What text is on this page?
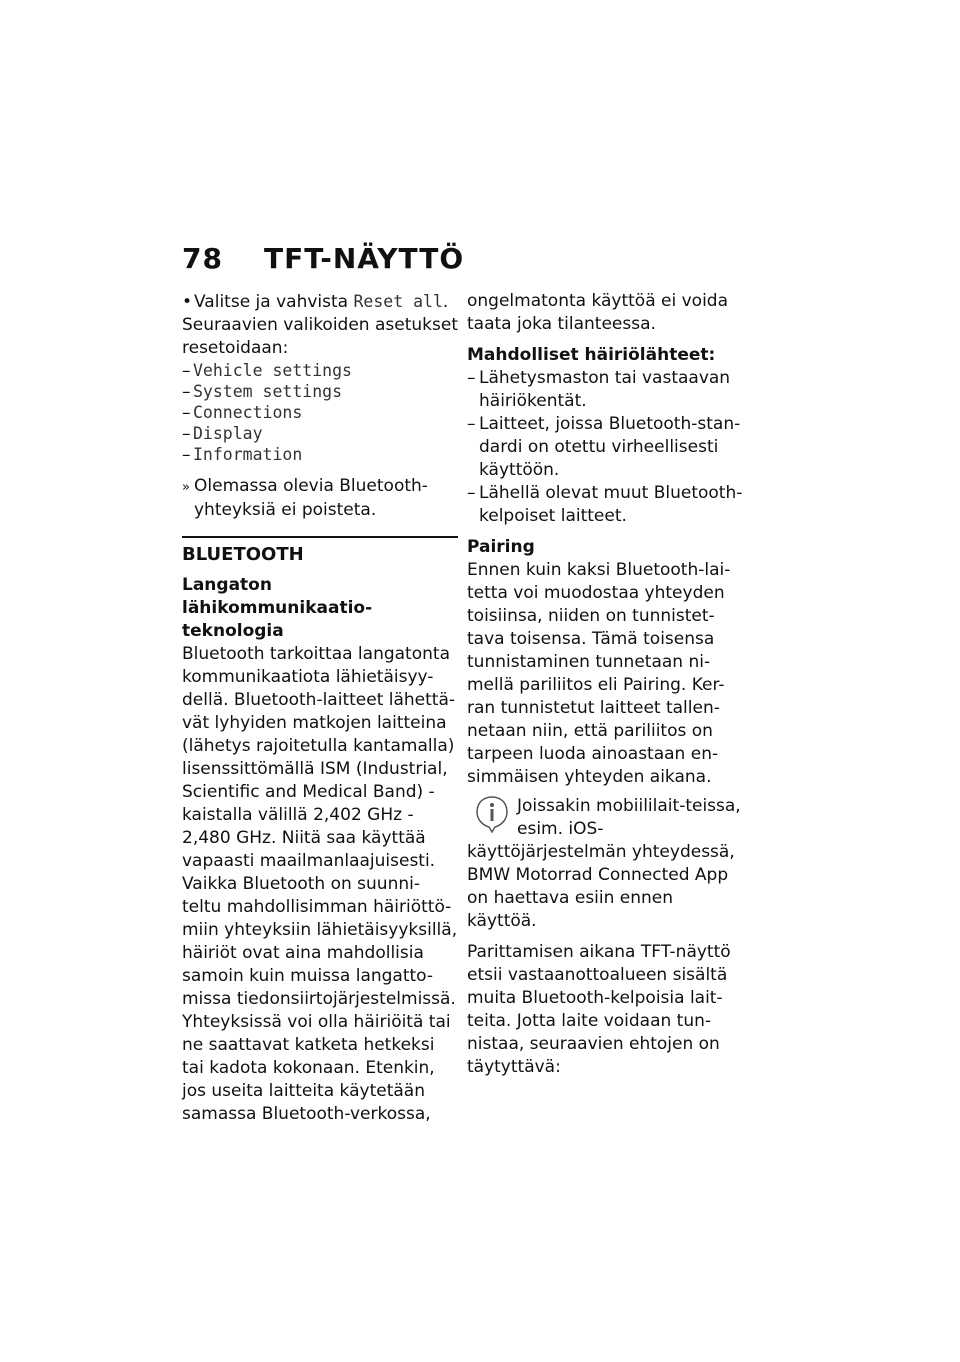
78 TFT-NÄYTTÖ

• Valitse ja vahvista Reset all.

Seuraavien valikoiden asetukset resetoidaan:

– Vehicle settings
– System settings
– Connections
– Display
– Information

» Olemassa olevia Bluetooth-yhteyksiä ei poisteta.

BLUETOOTH
Langaton lähikommunikaatio-teknologia

Bluetooth tarkoittaa langatonta kommunikaatiota lähietäisyy-dellä. Bluetooth-laitteet lähettä-vät lyhyiden matkojen laitteina (lähetys rajoitetulla kantamalla) lisenssittömällä ISM (Industrial, Scientific and Medical Band) -kaistalla välillä 2,402 GHz - 2,480 GHz. Niitä saa käyttää vapaasti maailmanlaajuisesti.

Vaikka Bluetooth on suunni-teltu mahdollisimman häiriöttö-miin yhteyksiin lähietäisyyksillä, häiriöt ovat aina mahdollisia samoin kuin muissa langatto-missa tiedonsiirtojärjestelmissä. Yhteyksissä voi olla häiriöitä tai ne saattavat katketa hetkeksi tai kadota kokonaan. Etenkin, jos useita laitteita käytetään samassa Bluetooth-verkossa,

ongelmatonta käyttöä ei voida taata joka tilanteessa.

Mahdolliset häiriölähteet:
– Lähetysmaston tai vastaavan häiriökentät.
– Laitteet, joissa Bluetooth-stan-dardi on otettu virheellisesti käyttöön.
– Lähellä olevat muut Bluetooth-kelpoiset laitteet.
Pairing

Ennen kuin kaksi Bluetooth-lai-tetta voi muodostaa yhteyden toisiinsa, niiden on tunnistet-tava toisensa. Tämä toisensa tunnistaminen tunnetaan ni-mellä pariliitos eli Pairing. Ker-ran tunnistetut laitteet tallen-netaan niin, että pariliitos on tarpeen luoda ainoastaan en-simmäisen yhteyden aikana.

Joissakin mobiililait-teissa, esim. iOS-käyttöjärjestelmän yhteydessä, BMW Motorrad Connected App on haettava esiin ennen käyttöä.

Parittamisen aikana TFT-näyttö etsii vastaanottoalueen sisältä muita Bluetooth-kelpoisia lait-teita. Jotta laite voidaan tun-nistaa, seuraavien ehtojen on täytyttävä:
